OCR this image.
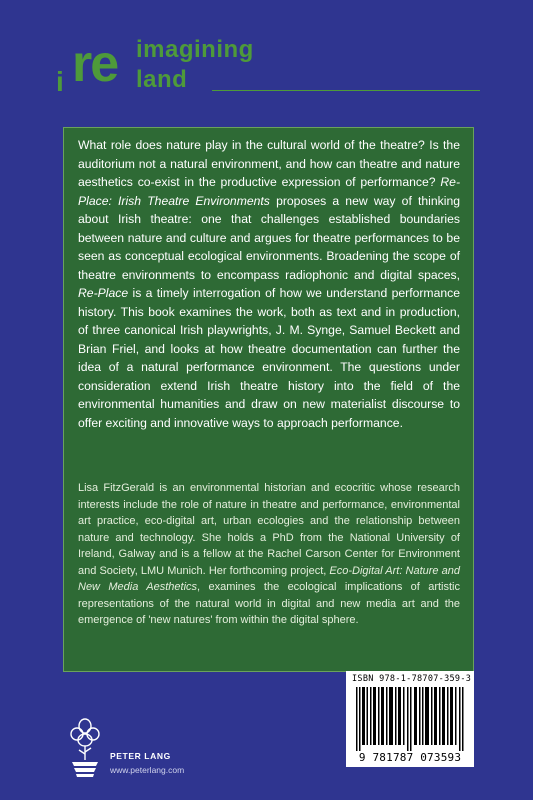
i re imagining
land

What role does nature play in the cultural world of the theatre? Is the auditorium not a natural environment, and how can theatre and nature aesthetics co-exist in the productive expression of performance? Re-Place: Irish Theatre Environments proposes a new way of thinking about Irish theatre: one that challenges established boundaries between nature and culture and argues for theatre performances to be seen as conceptual ecological environments. Broadening the scope of theatre environments to encompass radiophonic and digital spaces, Re-Place is a timely interrogation of how we understand performance history. This book examines the work, both as text and in production, of three canonical Irish playwrights, J. M. Synge, Samuel Beckett and Brian Friel, and looks at how theatre documentation can further the idea of a natural performance environment. The questions under consideration extend Irish theatre history into the field of the environmental humanities and draw on new materialist discourse to offer exciting and innovative ways to approach performance.

Lisa FitzGerald is an environmental historian and ecocritic whose research interests include the role of nature in theatre and performance, environmental art practice, eco-digital art, urban ecologies and the relationship between nature and technology. She holds a PhD from the National University of Ireland, Galway and is a fellow at the Rachel Carson Center for Environment and Society, LMU Munich. Her forthcoming project, Eco-Digital Art: Nature and New Media Aesthetics, examines the ecological implications of artistic representations of the natural world in digital and new media art and the emergence of 'new natures' from within the digital sphere.

ISBN 978-1-78707-359-3
9 781787 073593
PETER LANG
www.peterlang.com
